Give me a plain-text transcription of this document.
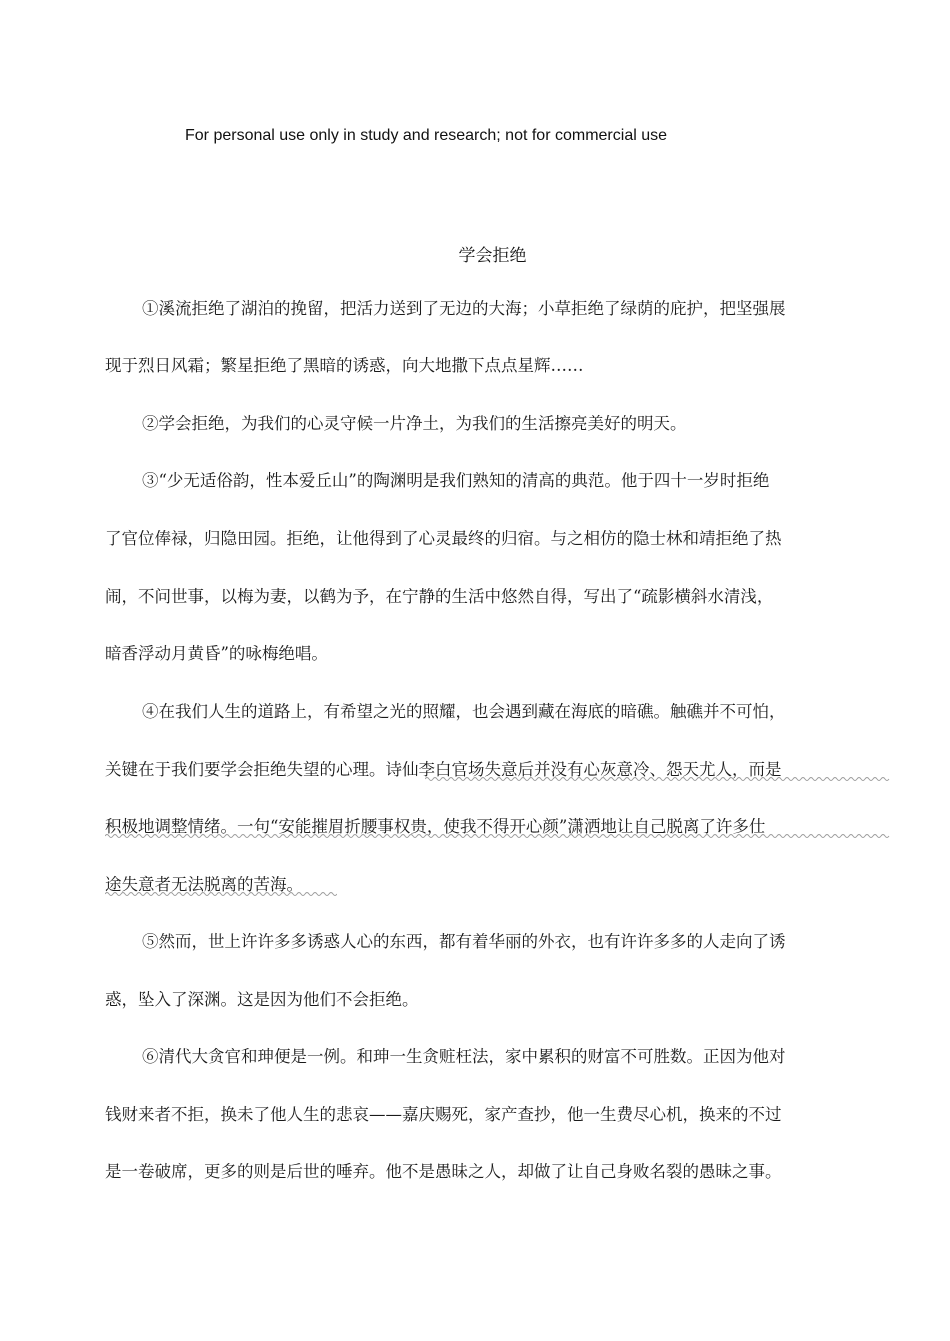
For personal use only in study and research; not for commercial use
学会拒绝
①溪流拒绝了湖泊的挽留，把活力送到了无边的大海；小草拒绝了绿荫的庇护，把坚强展
现于烈日风霜；繁星拒绝了黑暗的诱惑，向大地撒下点点星辉……
②学会拒绝，为我们的心灵守候一片净土，为我们的生活擦亮美好的明天。
③“少无适俗韵，性本爱丘山”的陶渊明是我们熟知的清高的典范。他于四十一岁时拒绝
了官位俸禄，归隐田园。拒绝，让他得到了心灵最终的归宿。与之相仿的隐士林和靖拒绝了热
闹，不问世事，以梅为妻，以鹤为予，在宁静的生活中悠然自得，写出了“疏影横斜水清浅，
暗香浮动月黄昏”的咏梅绝唱。
④在我们人生的道路上，有希望之光的照耀，也会遇到藏在海底的暗礁。触礁并不可怕，
关键在于我们要学会拒绝失望的心理。诗仙李白官场失意后并没有心灰意冷、怨天尤人，而是
积极地调整情绪。一句“安能摧眉折腰事权贵，使我不得开心颜”潇洒地让自己脱离了许多仕
途失意者无法脱离的苦海。
⑤然而，世上许许多多诱惑人心的东西，都有着华丽的外衣，也有许许多多的人走向了诱
惑，坠入了深渊。这是因为他们不会拒绝。
⑥清代大贪官和珅便是一例。和珅一生贪赃枉法，家中累积的财富不可胜数。正因为他对
钱财来者不拒，换未了他人生的悲哀——嘉庆赐死，家产查抄，他一生费尽心机，换来的不过
是一卷破席，更多的则是后世的唾弃。他不是愚昧之人，却做了让自己身败名裂的愚昧之事。
